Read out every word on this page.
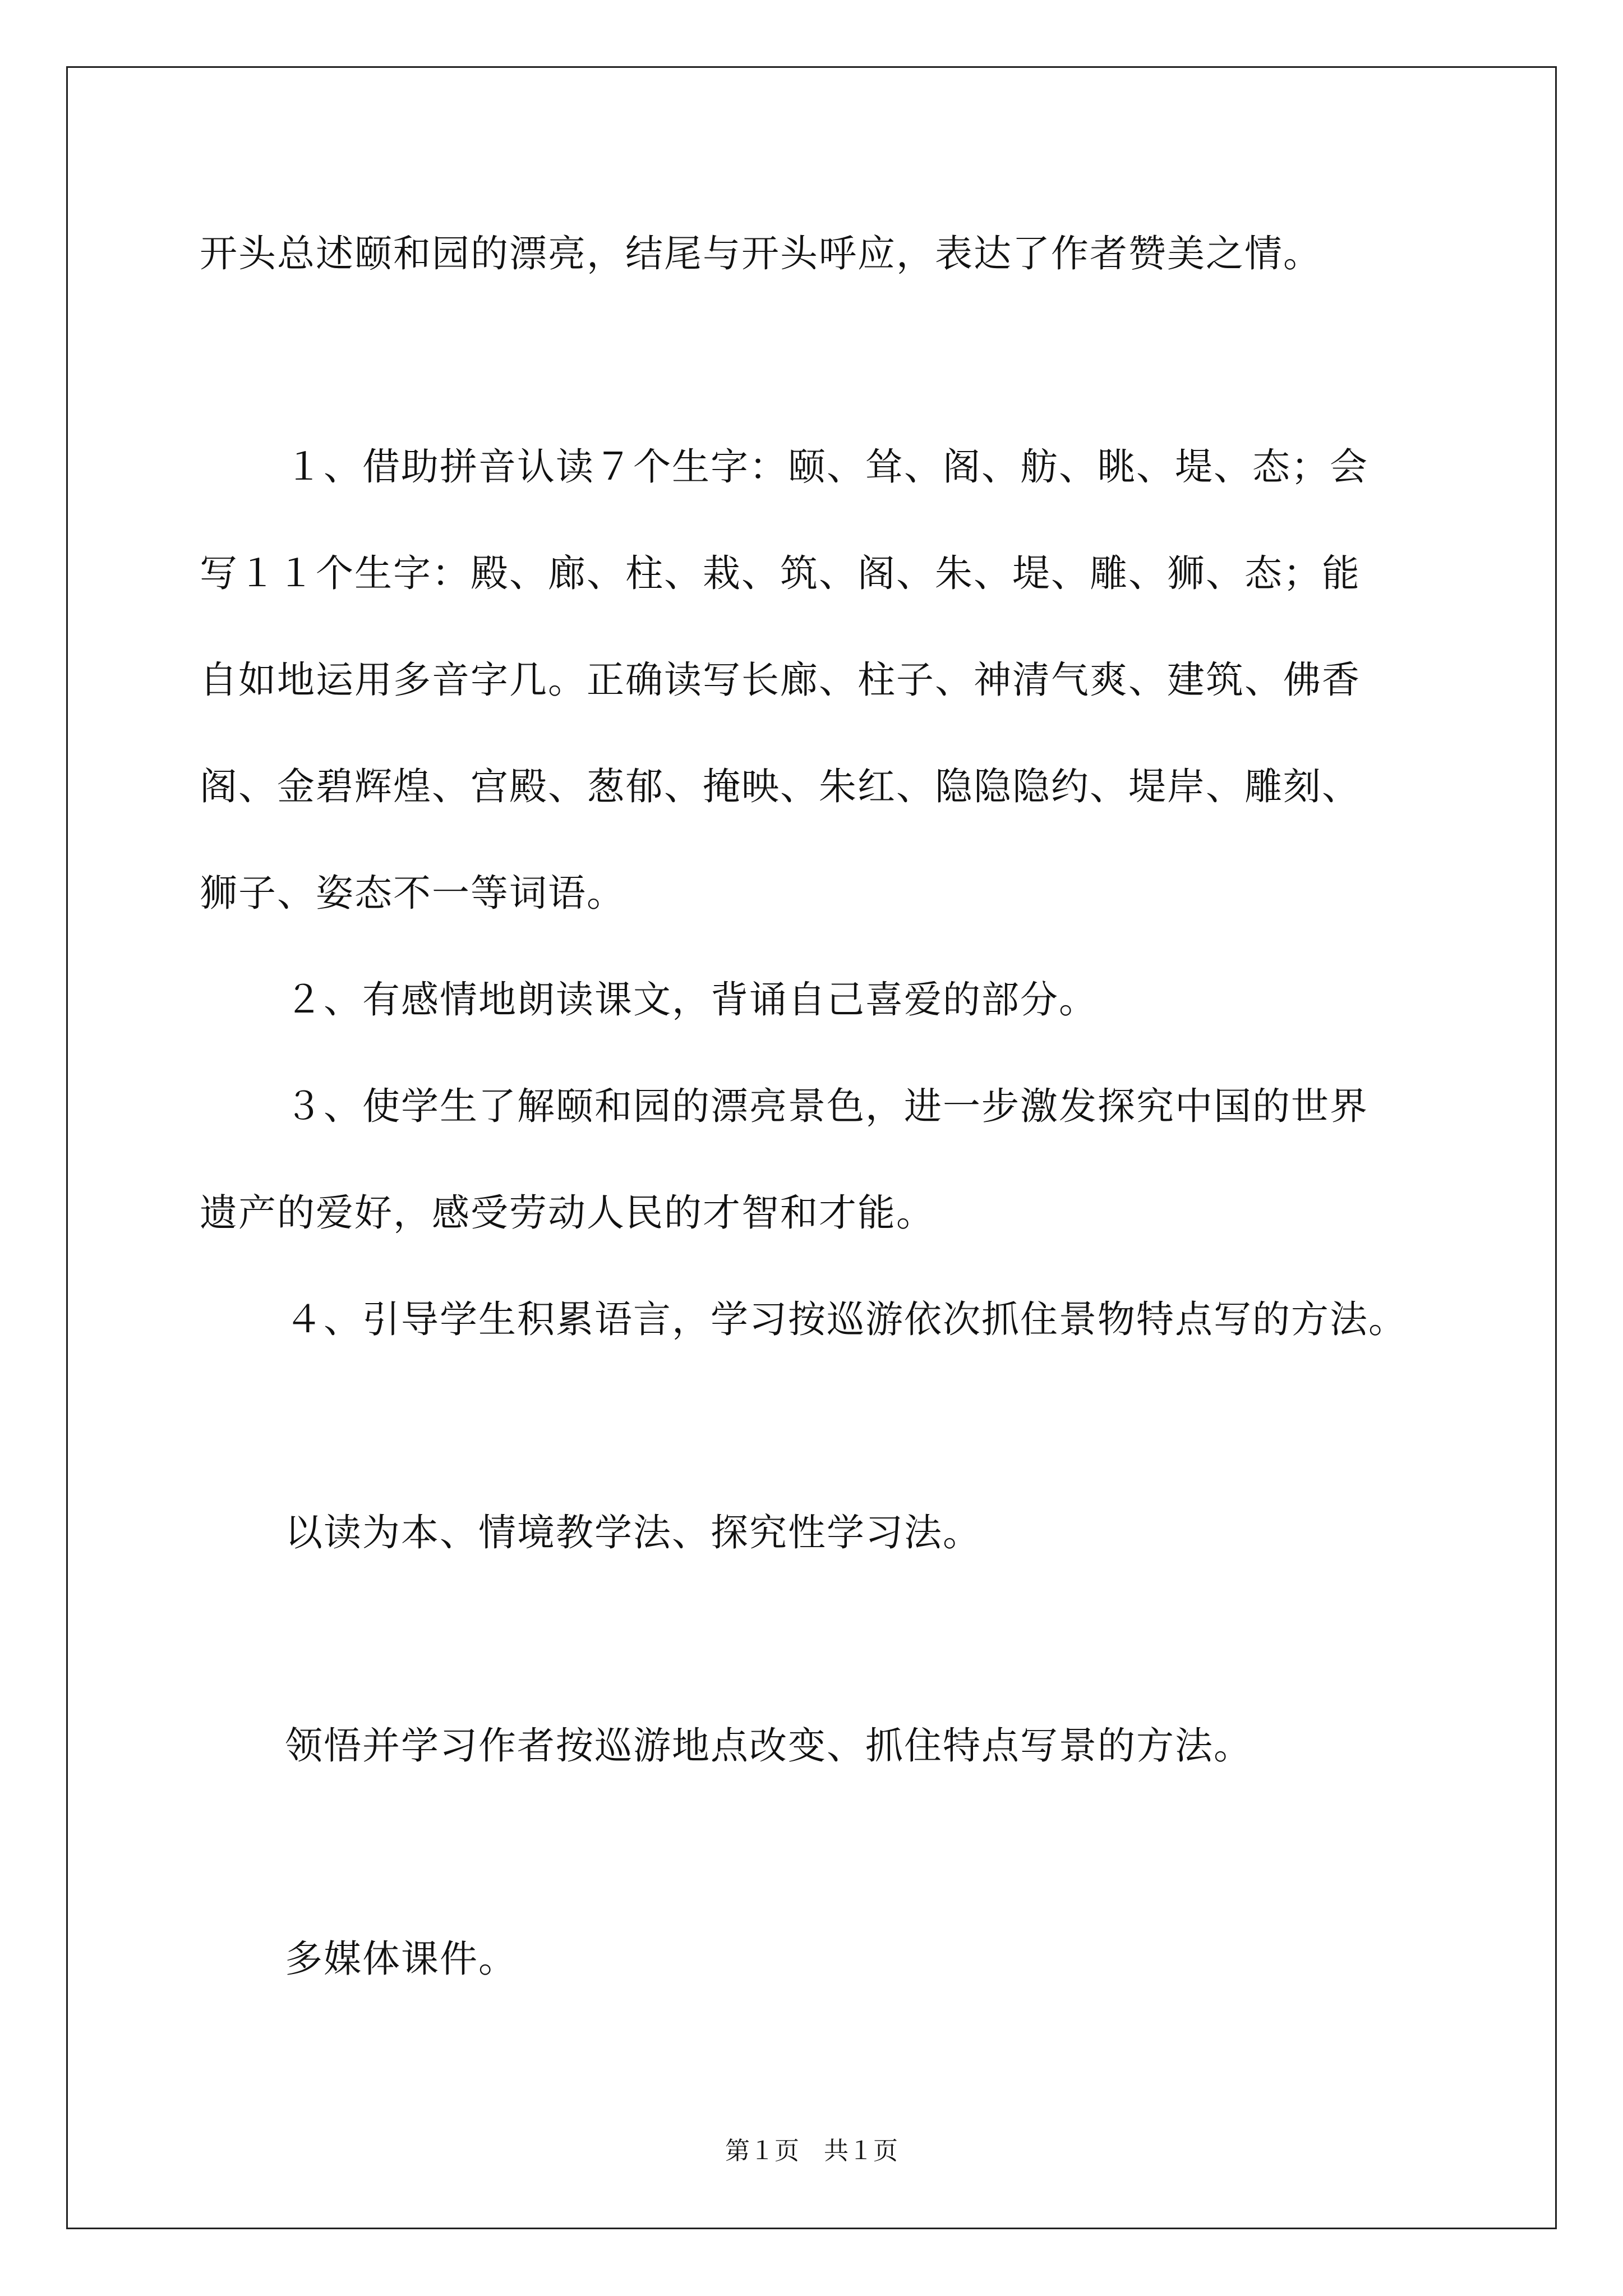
开头总述颐和园的漂亮，结尾与开头呼应，表达了作者赞美之情。
１、借助拼音认读７个生字：颐、耸、阁、舫、眺、堤、态；会
写１１个生字：殿、廊、柱、栽、筑、阁、朱、堤、雕、狮、态；能
自如地运用多音字几。正确读写长廊、柱子、神清气爽、建筑、佛香
阁、金碧辉煌、宫殿、葱郁、掩映、朱红、隐隐隐约、堤岸、雕刻、
狮子、姿态不一等词语。
２、有感情地朗读课文，背诵自己喜爱的部分。
３、使学生了解颐和园的漂亮景色，进一步激发探究中国的世界
遗产的爱好，感受劳动人民的才智和才能。
４、引导学生积累语言，学习按巡游依次抓住景物特点写的方法。
以读为本、情境教学法、探究性学习法。
领悟并学习作者按巡游地点改变、抓住特点写景的方法。
多媒体课件。
第１页　共１页
